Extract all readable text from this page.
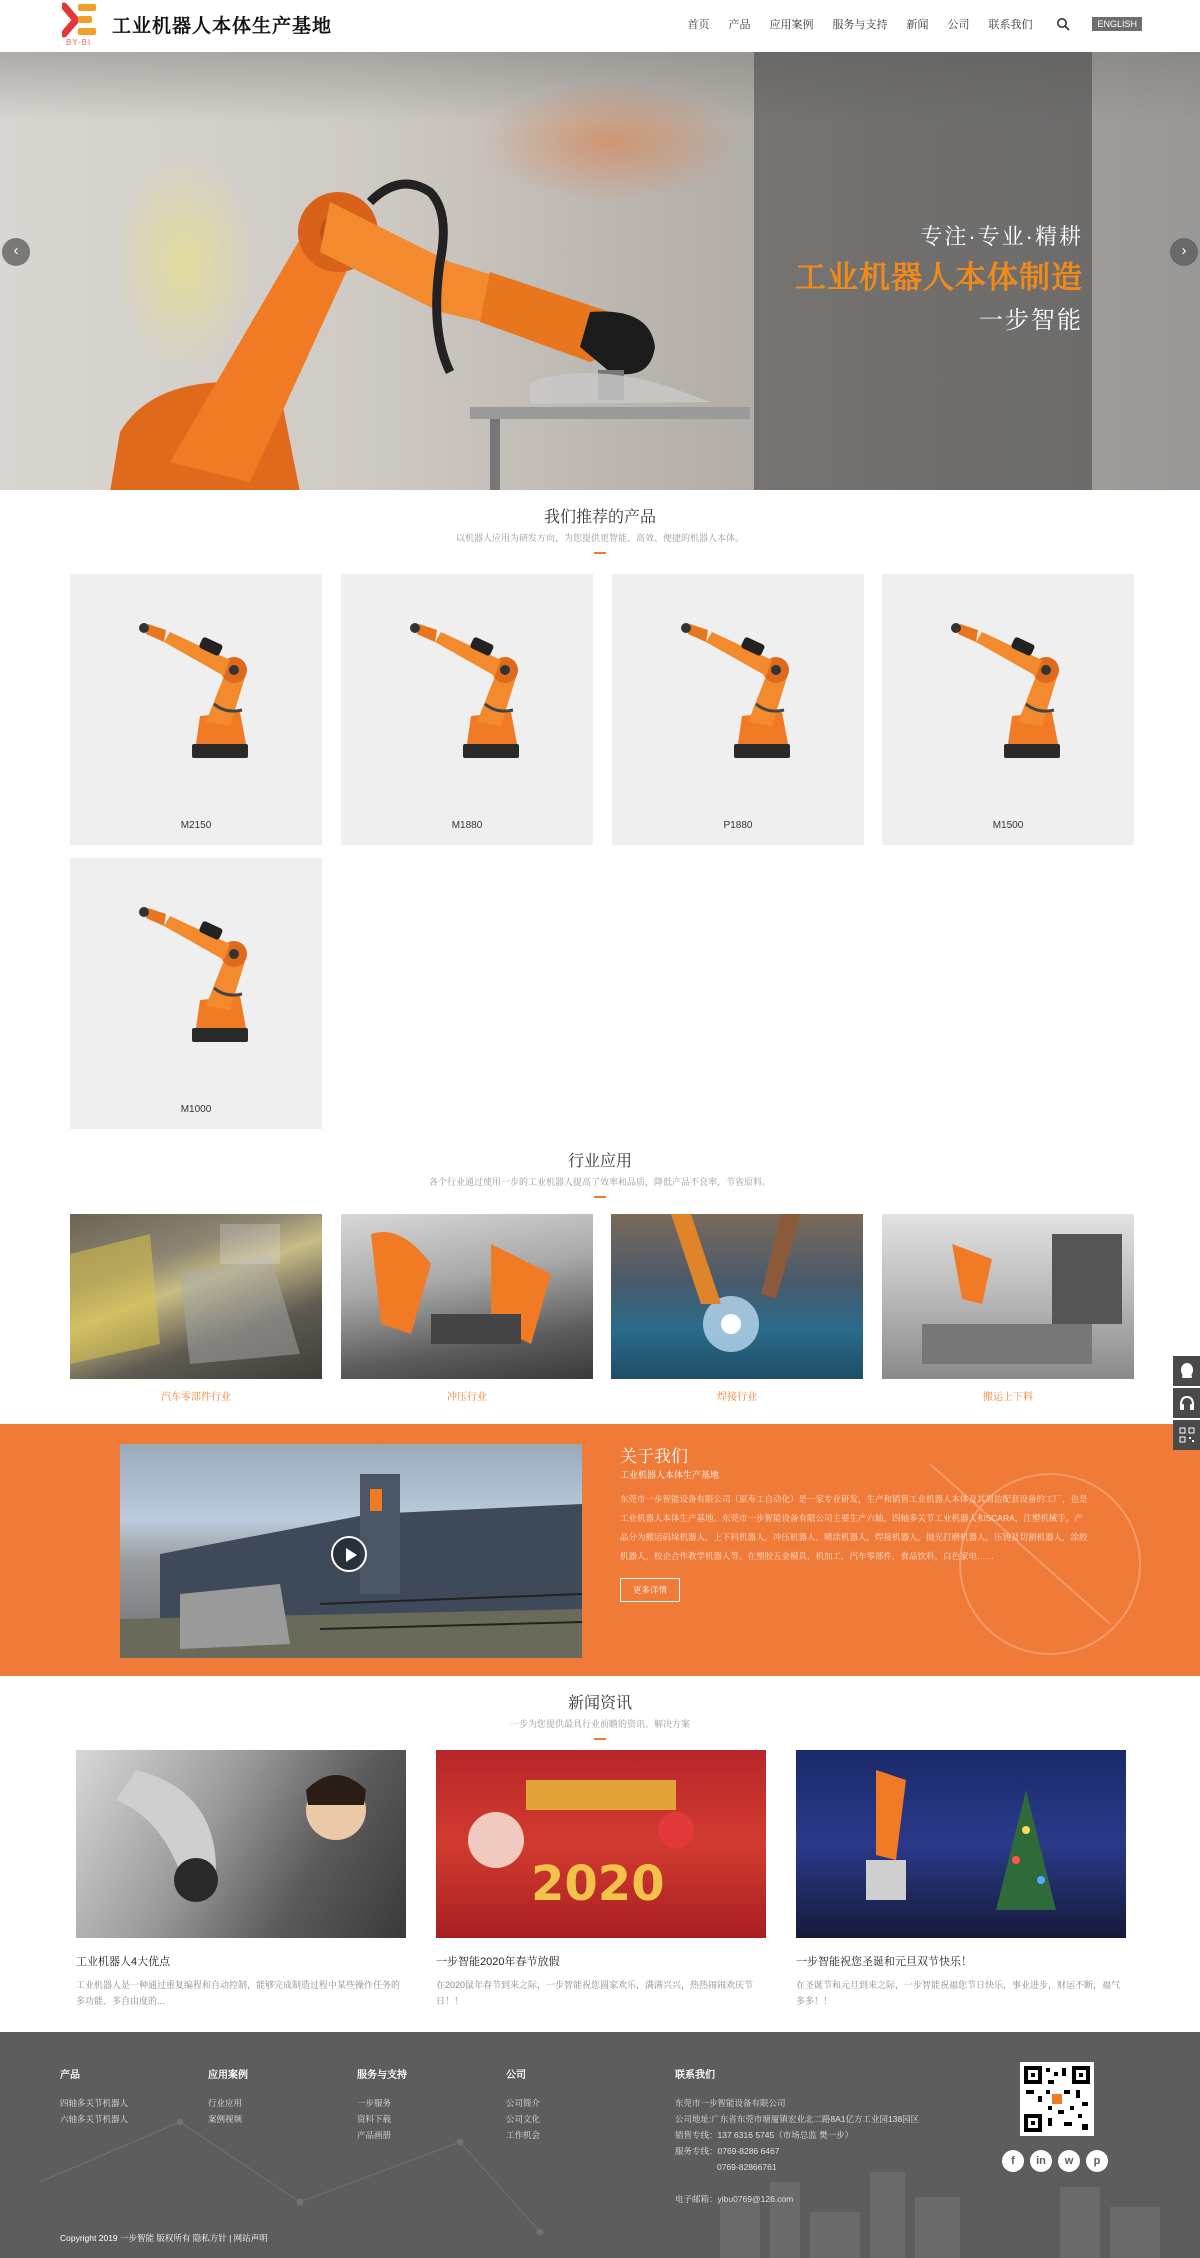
BY-BI
工业机器人本体生产基地	首页 产品 应用案例 服务与支持 新闻 公司 联系我们	ENGLISH
专注·专业·精耕
工业机器人本体制造
一步智能
‹	›
我们推荐的产品
以机器人应用为研发方向，为您提供更智能、高效、便捷的机器人本体。
M2150	M1880	P1880	M1500
M1000
行业应用
各个行业通过使用一步的工业机器人提高了效率和品质，降低产品不良率，节省原料。
汽车零部件行业	冲压行业	焊接行业	搬运上下料
关于我们
工业机器人本体生产基地
东莞市一步智能设备有限公司（原寿工自动化）是一家专业研发，生产和销售工业机器人本体及其周边配套设备的工厂，也是工业机器人本体生产基地。东莞市一步智能设备有限公司主要生产六轴，四轴多关节工业机器人和SCARA，注塑机械手。产品分为搬运码垛机器人，上下料机器人，冲压机器人，喷涂机器人，焊接机器人，抛光打磨机器人，压铸及切割机器人，涂胶机器人，校企合作教学机器人等。在塑胶五金模具，机加工，汽车零部件，食品饮料，白色家电……
更多详情
新闻资讯
一步为您提供最具行业前瞻的资讯、解决方案
工业机器人4大优点
工业机器人是一种通过重复编程和自动控制，能够完成制造过程中某些操作任务的多功能、多自由度的...
2020
一步智能2020年春节放假
在2020鼠年春节到来之际，一步智能祝您圆家欢乐，满满兴兴，热热闹闹欢庆节日！！
一步智能祝您圣诞和元旦双节快乐！
在圣诞节和元旦到来之际，一步智能祝福您节日快乐，事业进步，财运不断，福气多多！！
产品
四轴多关节机器人
六轴多关节机器人
应用案例
行业应用
案例视频
服务与支持
一步服务
资料下载
产品画册
公司
公司简介
公司文化
工作机会
联系我们
东莞市一步智能设备有限公司
公司地址:广东省东莞市塘厦镇宏业北二路8A1亿方工业园138园区
销售专线：137 6316 5745（市场总监 樊一步）
服务专线：0769-8286 6467
0769-82866761
电子邮箱：yibu0769@126.com
f	in	w	p
Copyright 2019 一步智能 版权所有 隐私方针 | 网站声明
